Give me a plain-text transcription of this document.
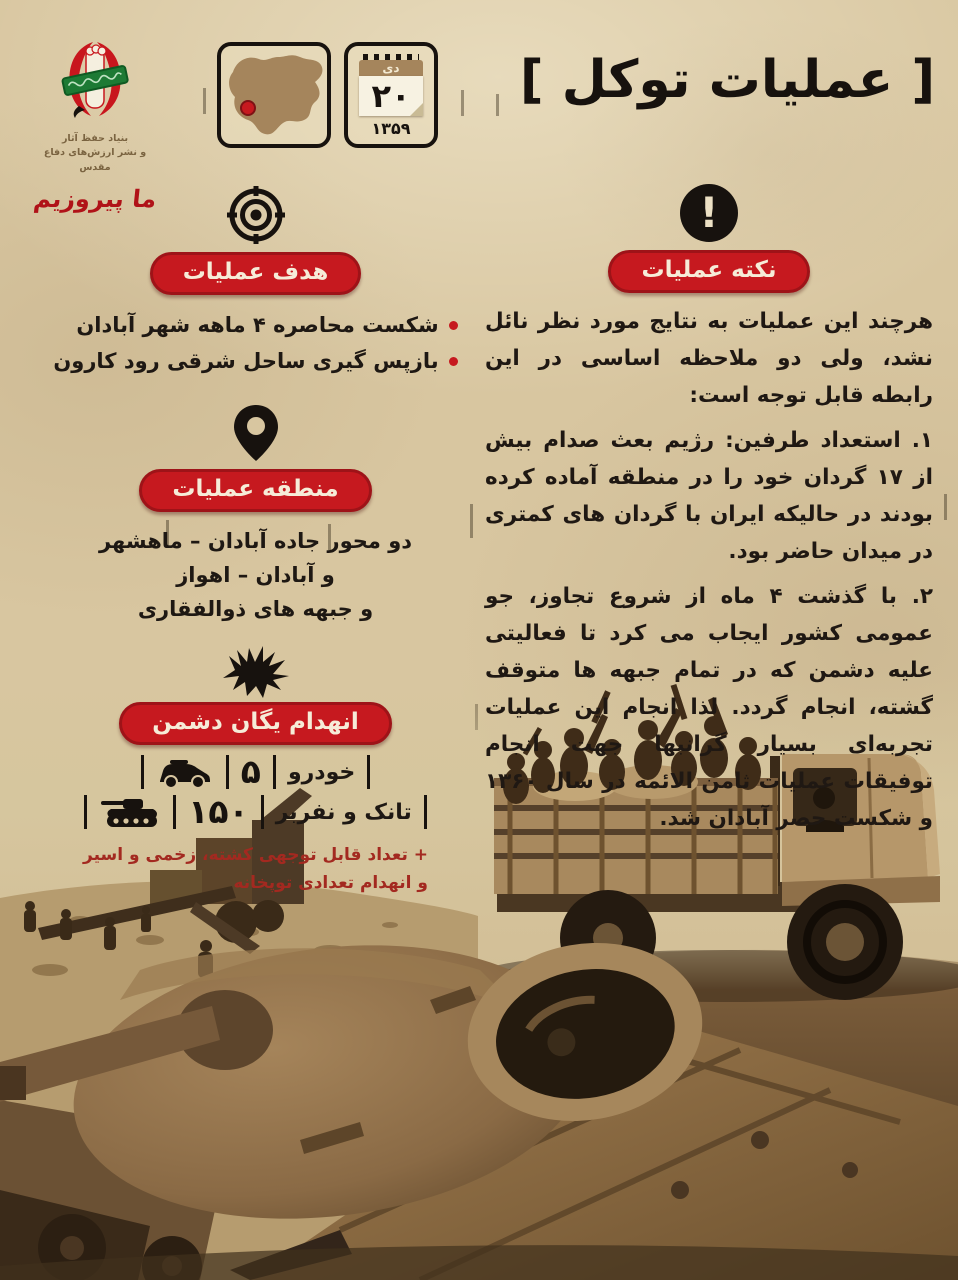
بنیاد حفظ آثار
و نشر ارزش‌های دفاع مقدس
ما پیروزیم
دی
۲۰
۱۳۵۹
[ عملیات توکل ]
هدف عملیات
شکست محاصره ۴ ماهه شهر آبادان
بازپس گیری ساحل شرقی رود کارون
منطقه عملیات
دو محور جاده آبادان – ماهشهر
و آبادان – اهواز
و جبهه های ذوالفقاری
انهدام یگان دشمن
خودرو
۵
تانک و نفربر
۱۵۰
+ تعداد قابل توجهی کشته، زخمی و اسیر و انهدام تعدادی توپخانه
!
نکته عملیات

هرچند این عملیات به نتایج مورد نظر نائل نشد، ولی دو ملاحظه اساسی در این رابطه قابل توجه است:

۱. استعداد طرفین: رژیم بعث صدام بیش از ۱۷ گردان خود را در منطقه آماده کرده بودند در حالیکه ایران با گردان های کمتری در میدان حاضر بود.

۲. با گذشت ۴ ماه از شروع تجاوز، جو عمومی کشور ایجاب می کرد تا فعالیتی علیه دشمن که در تمام جبهه ها متوقف گشته، انجام گردد. لذا انجام این عملیات تجربه‌ای بسیار گرانبها جهت انجام توفیقات عملیات ثامن الائمه در سال ۱۳۶۰ و شکست حصر آبادان شد.
